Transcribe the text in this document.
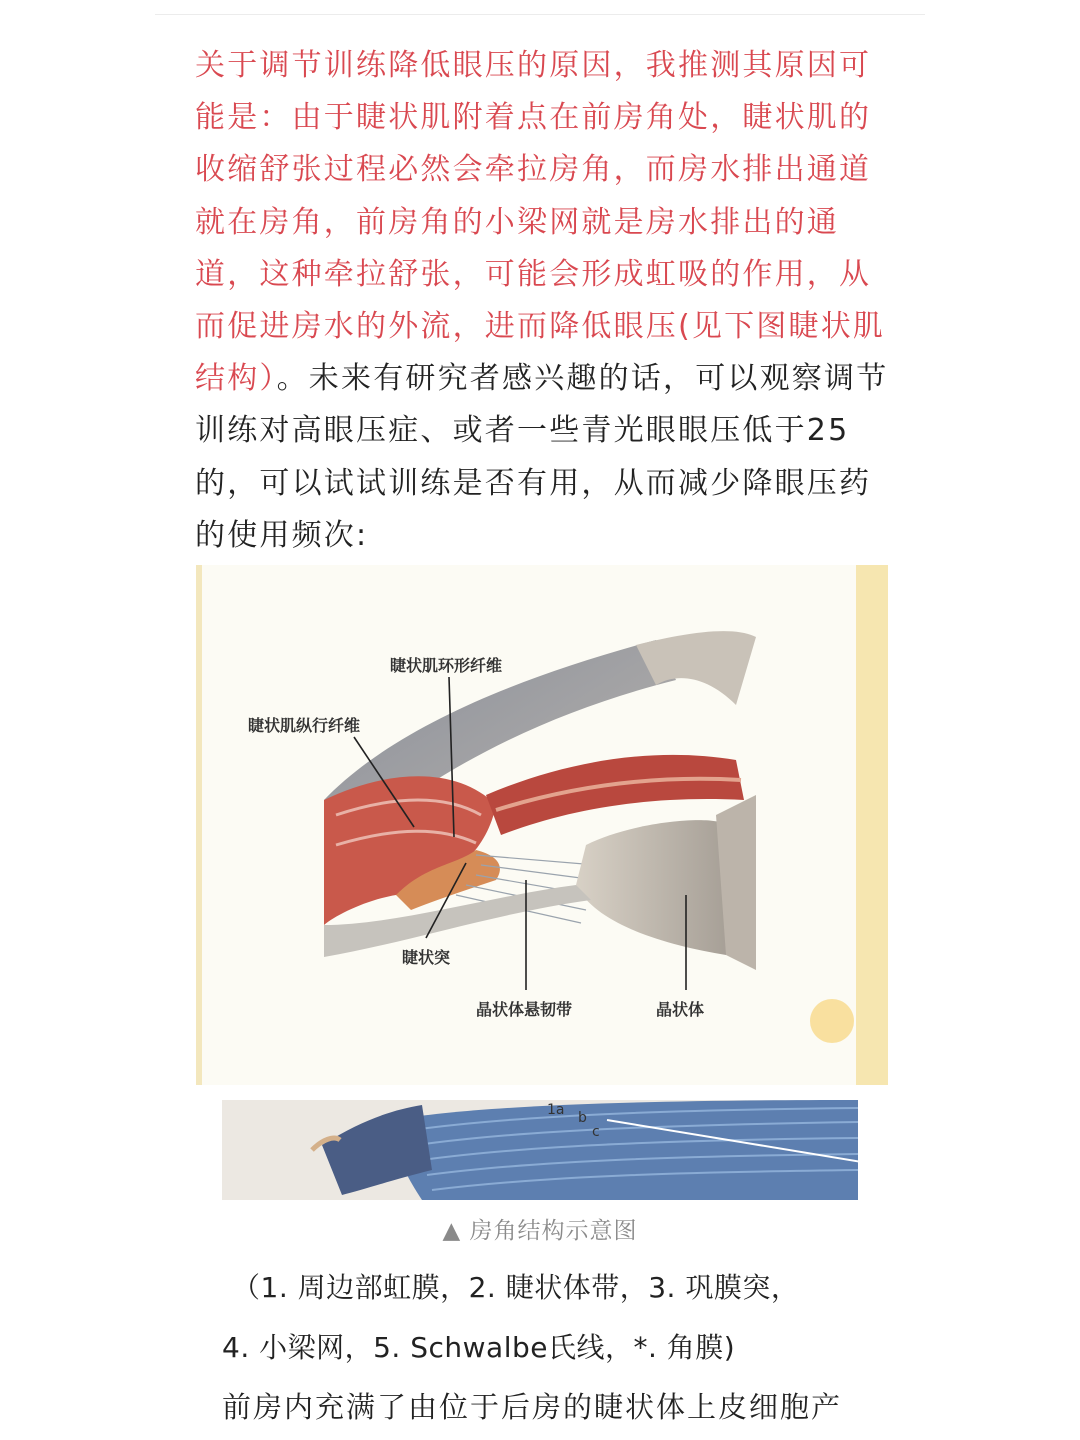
关于调节训练降低眼压的原因，我推测其原因可能是：由于睫状肌附着点在前房角处，睫状肌的收缩舒张过程必然会牵拉房角，而房水排出通道就在房角，前房角的小梁网就是房水排出的通道，这种牵拉舒张，可能会形成虹吸的作用，从而促进房水的外流，进而降低眼压(见下图睫状肌结构）。未来有研究者感兴趣的话，可以观察调节训练对高眼压症、或者一些青光眼眼压低于25的，可以试试训练是否有用，从而减少降眼压药的使用频次:

睫状肌环形纤维
睫状肌纵行纤维
睫状突
晶状体悬韧带	晶状体
1a b
c
▲ 房角结构示意图
（1. 周边部虹膜，2. 睫状体带，3. 巩膜突，
4. 小梁网，5. Schwalbe氏线，*. 角膜)
前房内充满了由位于后房的睫状体上皮细胞产
